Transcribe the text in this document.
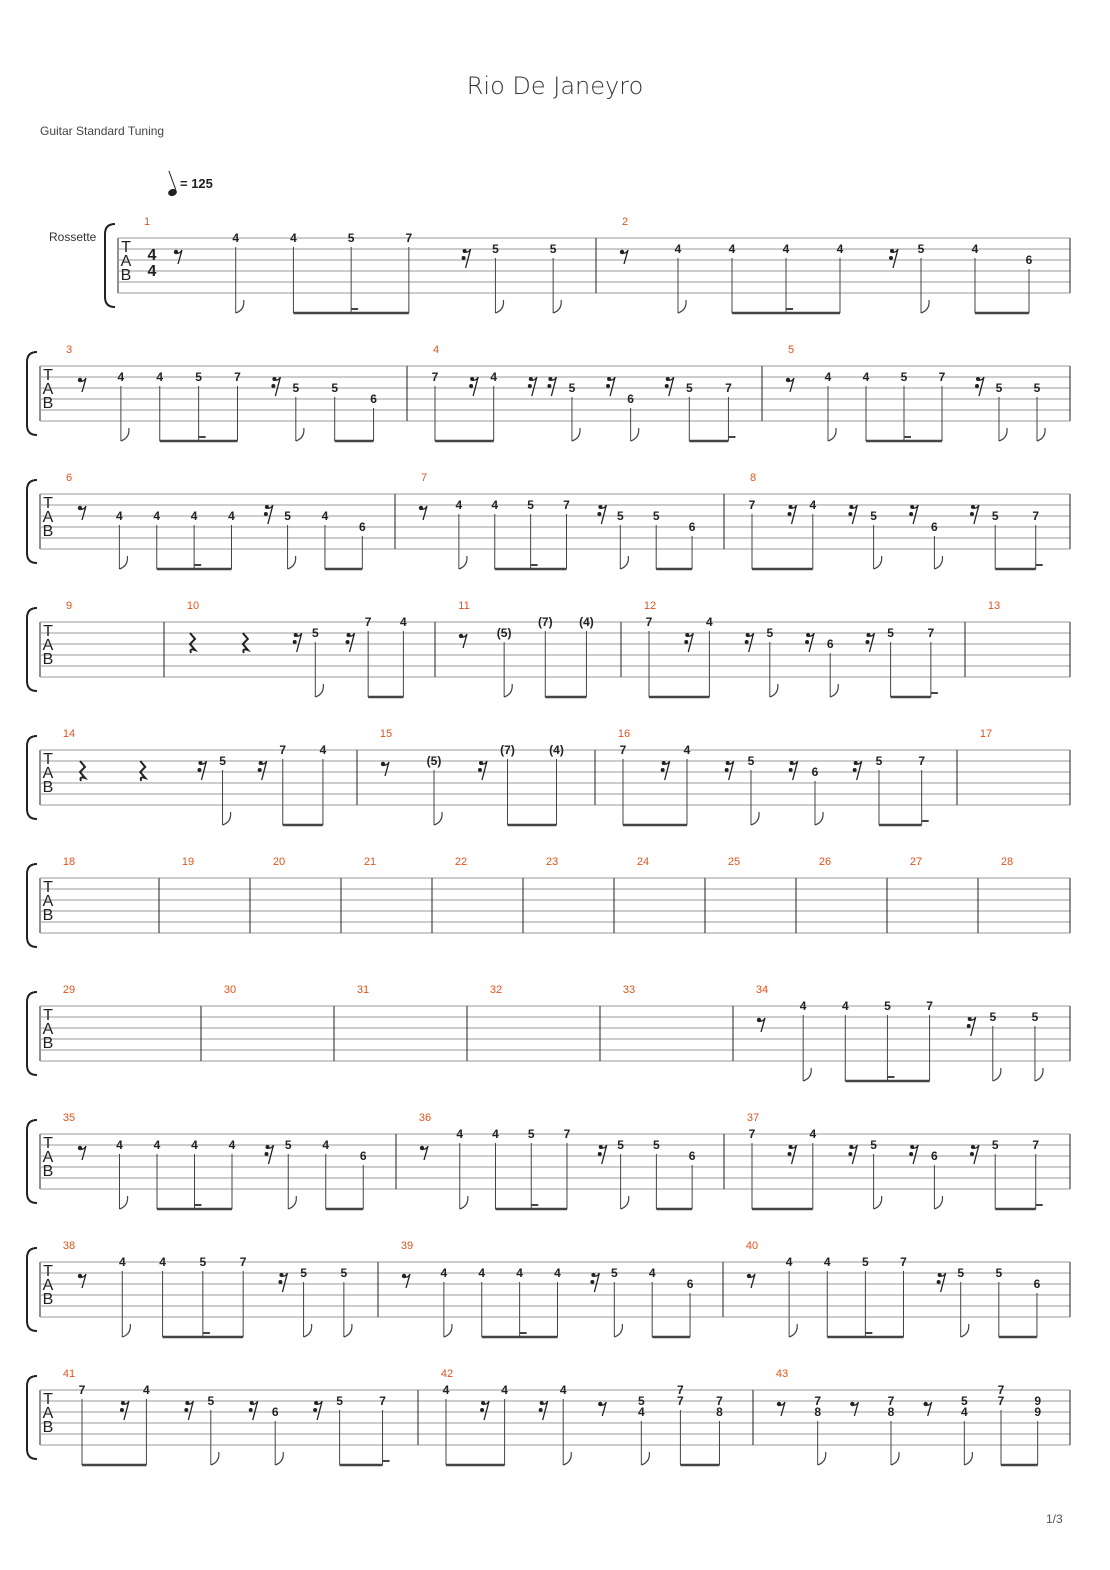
Rio De Janeyro
Guitar Standard Tuning
= 125
Rossette
1/3
T
A
B
4
4
1
4	4	5	7
5	5
2
4	4	4	4	5	4
6
T
A
B
3
4	4	5	7
5	5
6
4
7	4
5
6
5	7
5
4	4	5	7
5	5
T
A
B
6
4	4	4	4	5	4
6
7
4 4 5 7
5 5
6
8
7	4
5
6
5	7
T
A
B
9	10
5
7 4
11
(5)
(7) (4)
12
7	4
5
6
5	7
13
T
A
B
14
5
7	4
15
(5)
(7)	(4)
16
7	4
5
6
5	7
17
T
A
B
18	19	20	21	22	23	24	25	26	27	28
T
A
B
29	30	31	32	33	34
4	4	5	7
5	5
T
A
B
35
4	4	4	4	5	4
6
36
4 4 5 7
5 5
6
37
7	4
5
6
5	7
T
A
B
38
4	4	5	7
5	5
39
4	4	4	4	5	4
6
40
4	4	5	7
5	5
6
T
A
B
41
7	4
5
6
5	7
42
4	4	4
5
4
7
7	7
8
43
7
8
7
8
5
4
7
7 9
9
